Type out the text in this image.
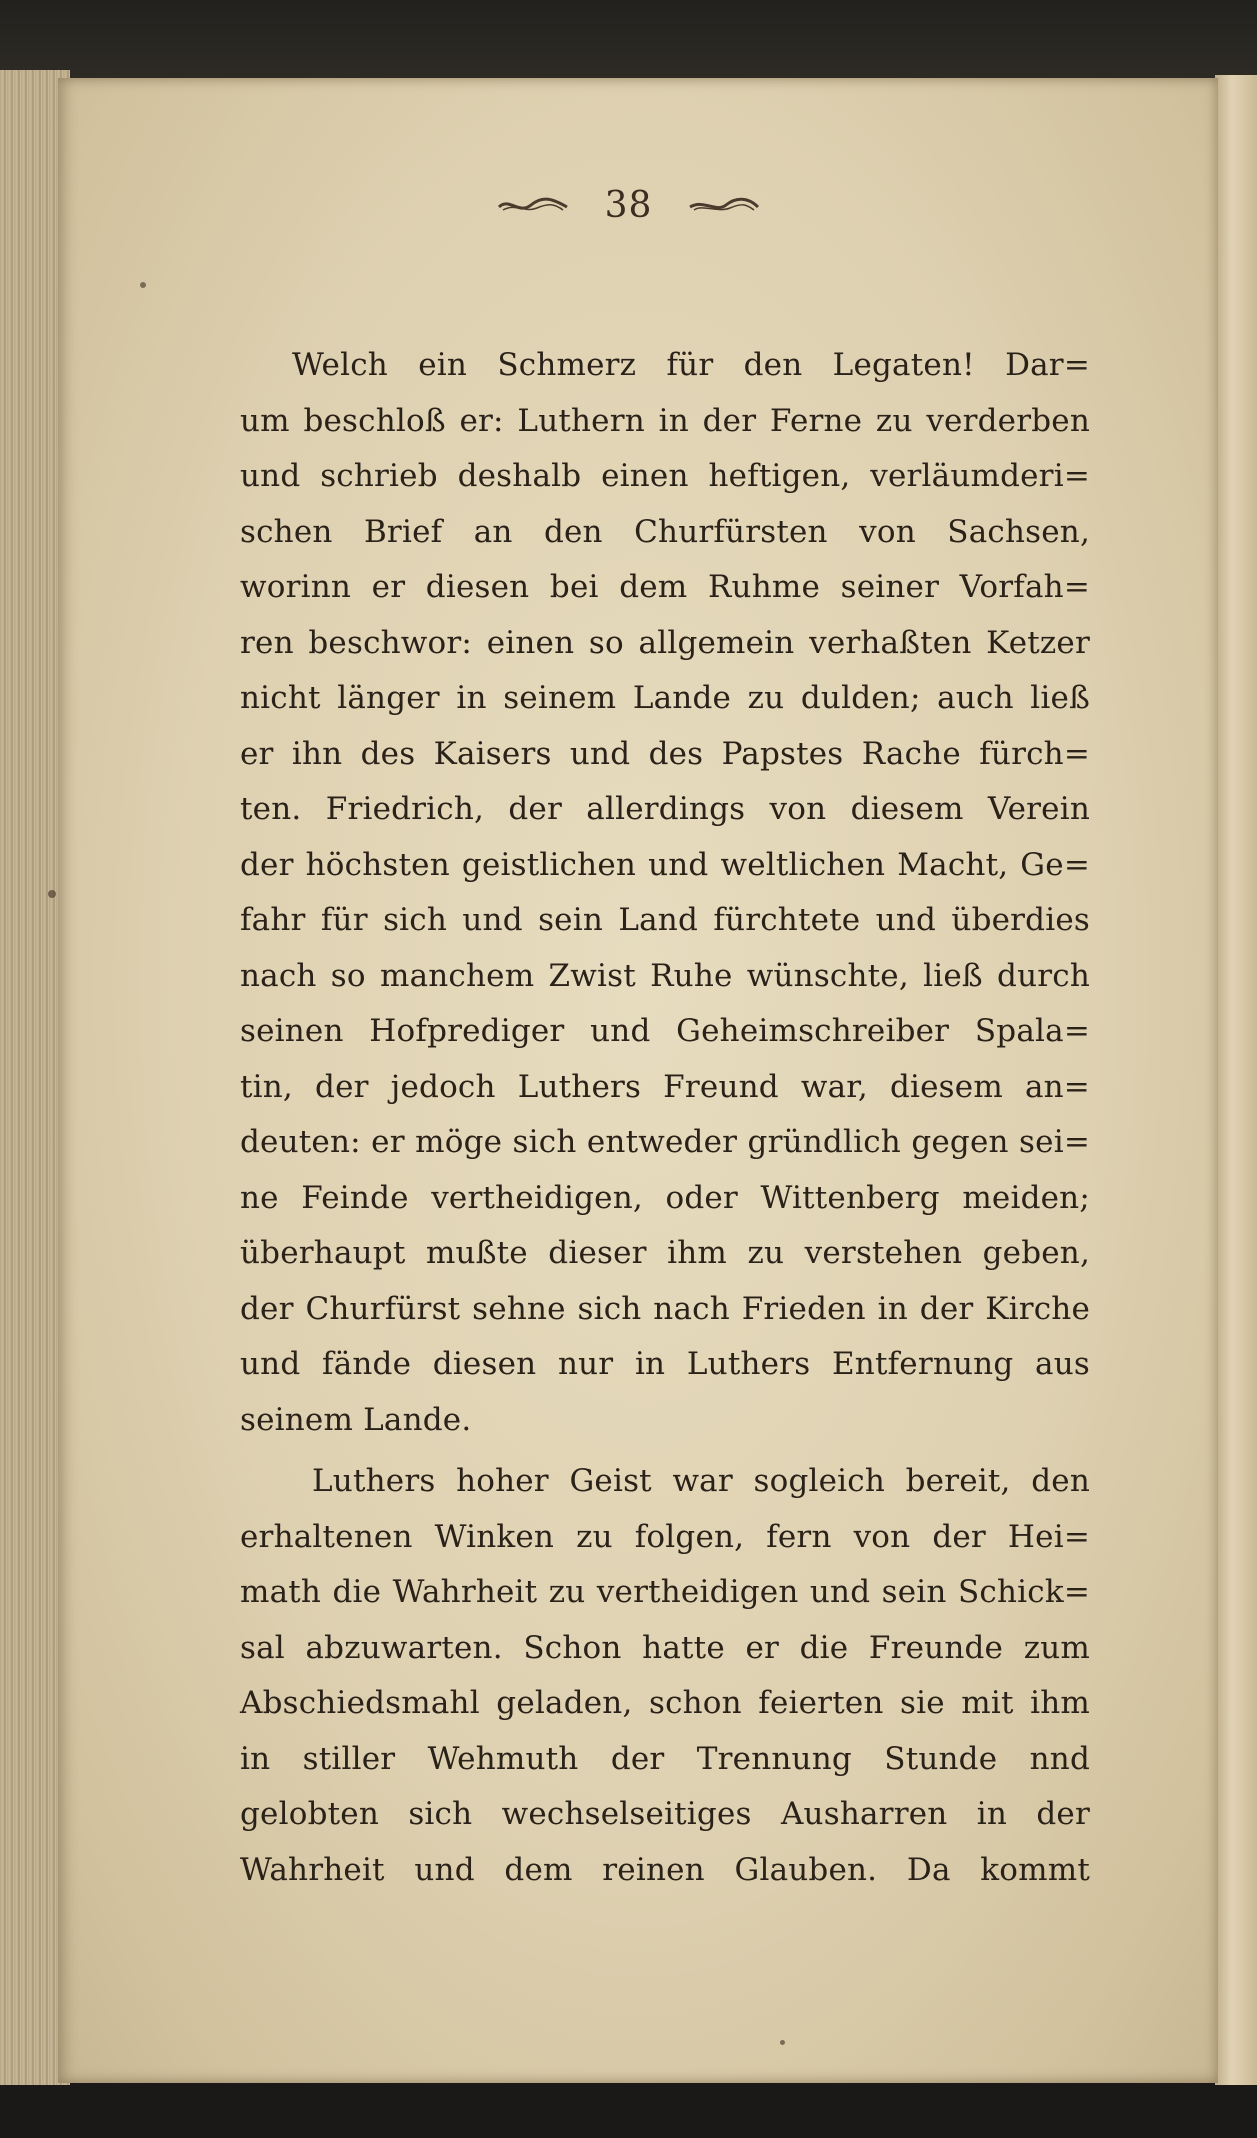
38
Welch ein Schmerz für den Legaten! Dar=
um beschloß er: Luthern in der Ferne zu verderben
und schrieb deshalb einen heftigen, verläumderi=
schen Brief an den Churfürsten von Sachsen,
worinn er diesen bei dem Ruhme seiner Vorfah=
ren beschwor: einen so allgemein verhaßten Ketzer
nicht länger in seinem Lande zu dulden; auch ließ
er ihn des Kaisers und des Papstes Rache fürch=
ten. Friedrich, der allerdings von diesem Verein
der höchsten geistlichen und weltlichen Macht, Ge=
fahr für sich und sein Land fürchtete und überdies
nach so manchem Zwist Ruhe wünschte, ließ durch
seinen Hofprediger und Geheimschreiber Spala=
tin, der jedoch Luthers Freund war, diesem an=
deuten: er möge sich entweder gründlich gegen sei=
ne Feinde vertheidigen, oder Wittenberg meiden;
überhaupt mußte dieser ihm zu verstehen geben,
der Churfürst sehne sich nach Frieden in der Kirche
und fände diesen nur in Luthers Entfernung aus
seinem Lande.
Luthers hoher Geist war sogleich bereit, den
erhaltenen Winken zu folgen, fern von der Hei=
math die Wahrheit zu vertheidigen und sein Schick=
sal abzuwarten. Schon hatte er die Freunde zum
Abschiedsmahl geladen, schon feierten sie mit ihm
in stiller Wehmuth der Trennung Stunde nnd
gelobten sich wechselseitiges Ausharren in der
Wahrheit und dem reinen Glauben. Da kommt
